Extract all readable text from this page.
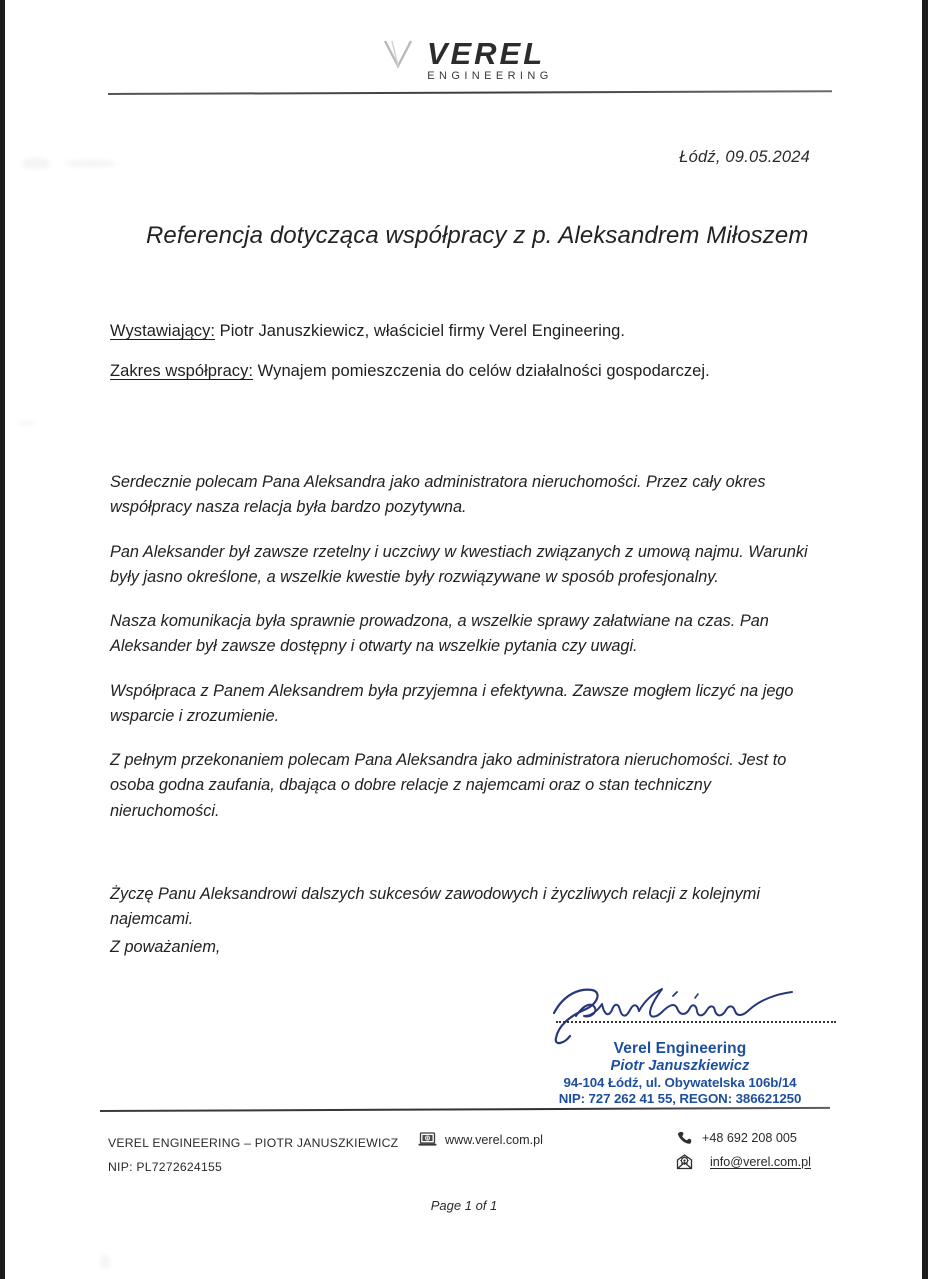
VEREL
ENGINEERING
Łódź, 09.05.2024
Referencja dotycząca współpracy z p. Aleksandrem Miłoszem
Wystawiający: Piotr Januszkiewicz, właściciel firmy Verel Engineering.
Zakres współpracy: Wynajem pomieszczenia do celów działalności gospodarczej.

Serdecznie polecam Pana Aleksandra jako administratora nieruchomości. Przez cały okres współpracy nasza relacja była bardzo pozytywna.

Pan Aleksander był zawsze rzetelny i uczciwy w kwestiach związanych z umową najmu. Warunki były jasno określone, a wszelkie kwestie były rozwiązywane w sposób profesjonalny.

Nasza komunikacja była sprawnie prowadzona, a wszelkie sprawy załatwiane na czas. Pan Aleksander był zawsze dostępny i otwarty na wszelkie pytania czy uwagi.

Współpraca z Panem Aleksandrem była przyjemna i efektywna. Zawsze mogłem liczyć na jego wsparcie i zrozumienie.

Z pełnym przekonaniem polecam Pana Aleksandra jako administratora nieruchomości. Jest to osoba godna zaufania, dbająca o dobre relacje z najemcami oraz o stan techniczny nieruchomości.

Życzę Panu Aleksandrowi dalszych sukcesów zawodowych i życzliwych relacji z kolejnymi najemcami.

Z poważaniem,
Verel Engineering
Piotr Januszkiewicz
94-104 Łódź, ul. Obywatelska 106b/14
NIP: 727 262 41 55, REGON: 386621250
VEREL ENGINEERING – PIOTR JANUSZKIEWICZ
NIP: PL7272624155
www.verel.com.pl	+48 692 208 005
info@verel.com.pl
Page 1 of 1
